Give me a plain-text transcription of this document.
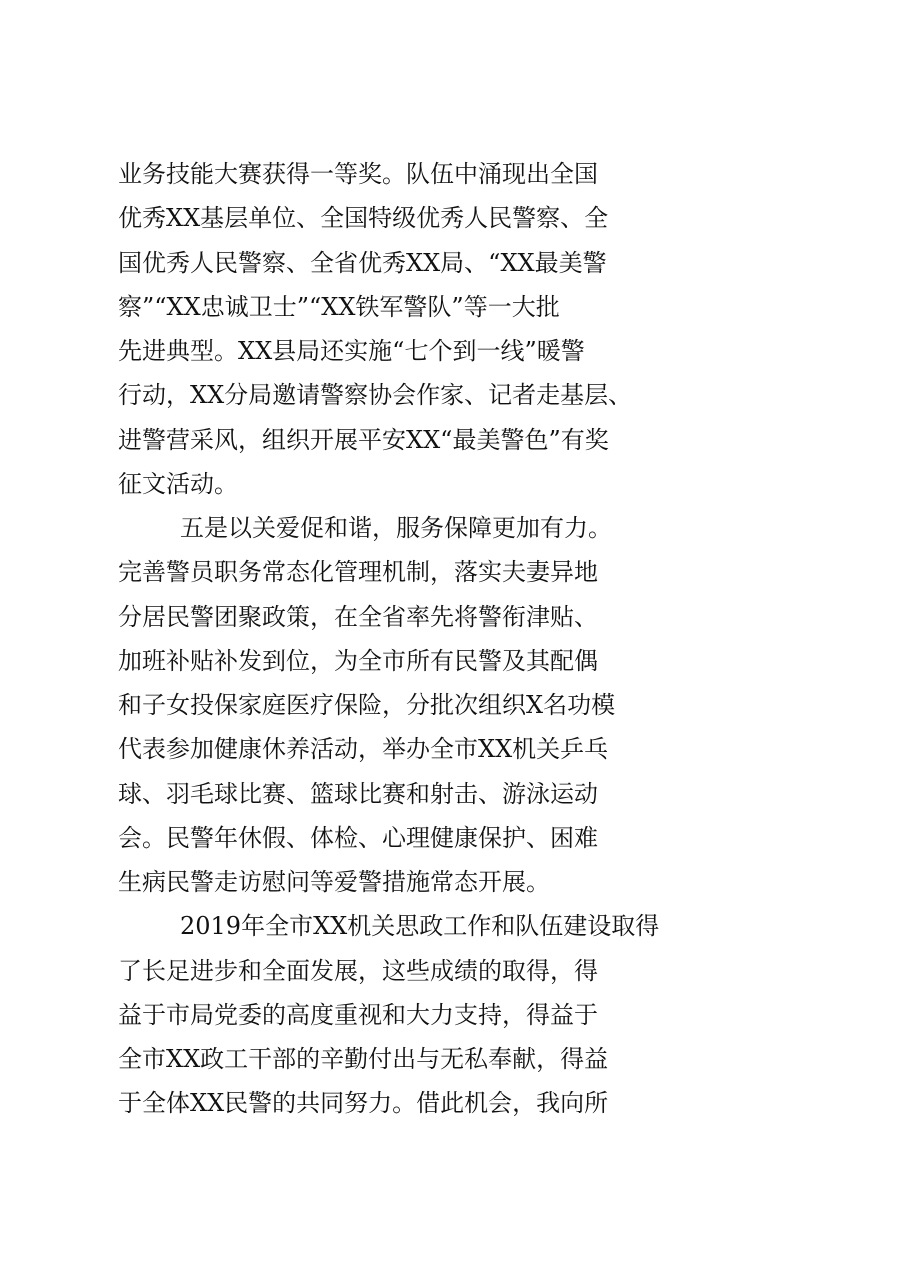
业务技能大赛获得一等奖。队伍中涌现出全国
优秀XX基层单位、全国特级优秀人民警察、全
国优秀人民警察、全省优秀XX局、“XX最美警
察”“XX忠诚卫士”“XX铁军警队”等一大批
先进典型。XX县局还实施“七个到一线”暖警
行动，XX分局邀请警察协会作家、记者走基层、
进警营采风，组织开展平安XX“最美警色”有奖
征文活动。
五是以关爱促和谐，服务保障更加有力。
完善警员职务常态化管理机制，落实夫妻异地
分居民警团聚政策，在全省率先将警衔津贴、
加班补贴补发到位，为全市所有民警及其配偶
和子女投保家庭医疗保险，分批次组织X名功模
代表参加健康休养活动，举办全市XX机关乒乓
球、羽毛球比赛、篮球比赛和射击、游泳运动
会。民警年休假、体检、心理健康保护、困难
生病民警走访慰问等爱警措施常态开展。
2019年全市XX机关思政工作和队伍建设取得
了长足进步和全面发展，这些成绩的取得，得
益于市局党委的高度重视和大力支持，得益于
全市XX政工干部的辛勤付出与无私奉献，得益
于全体XX民警的共同努力。借此机会，我向所
